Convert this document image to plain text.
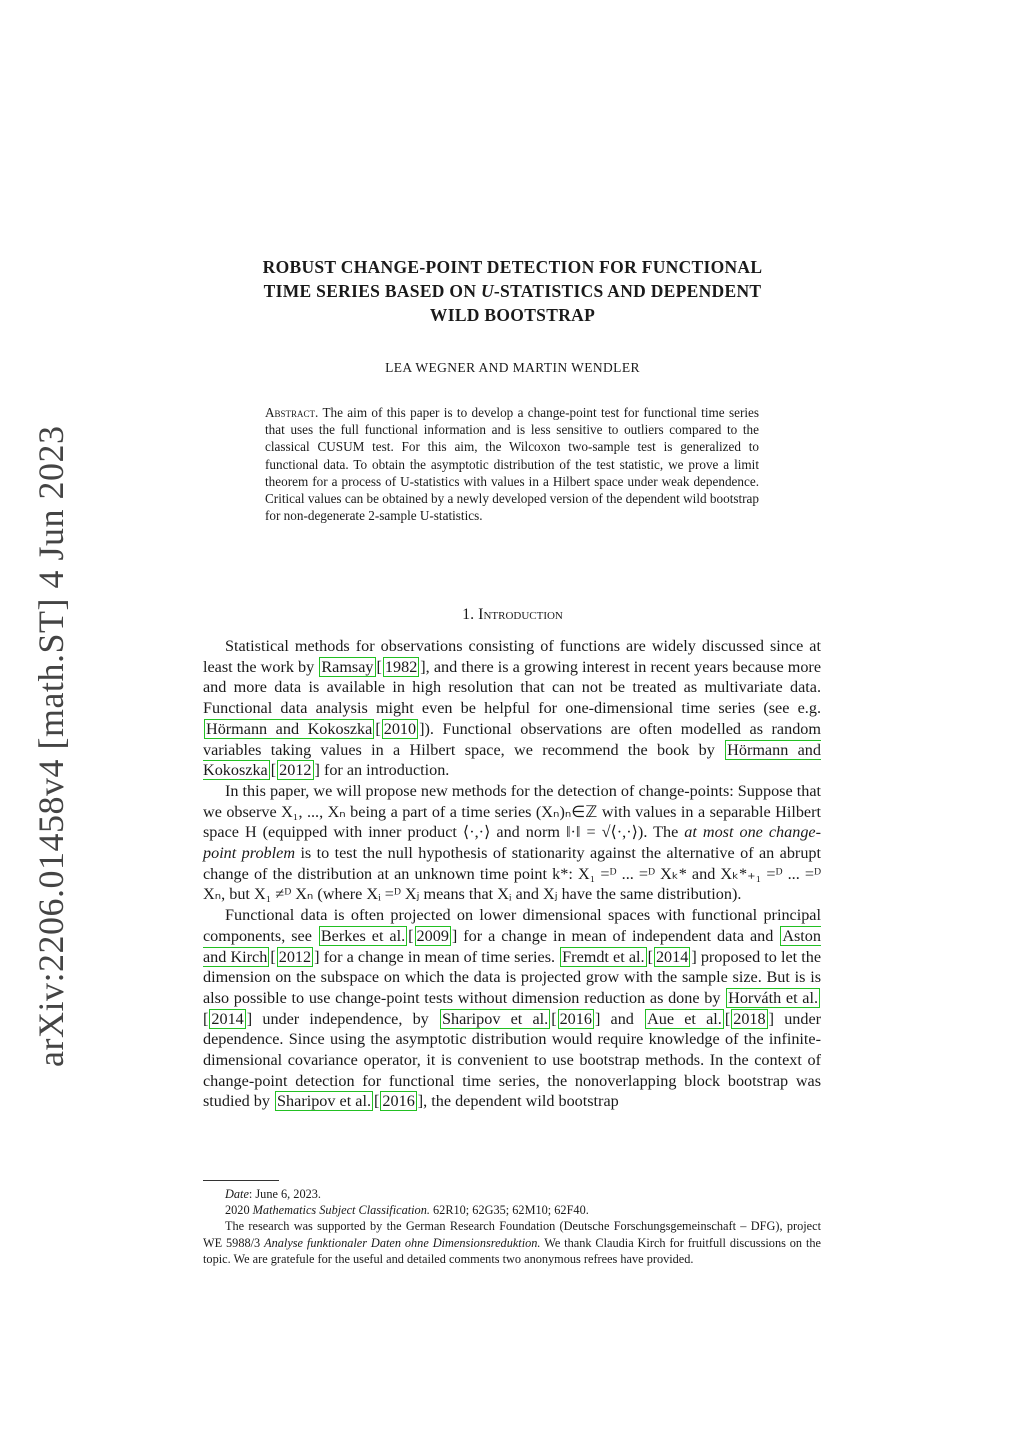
arXiv:2206.01458v4 [math.ST] 4 Jun 2023
ROBUST CHANGE-POINT DETECTION FOR FUNCTIONAL
TIME SERIES BASED ON U-STATISTICS AND DEPENDENT
WILD BOOTSTRAP
LEA WEGNER AND MARTIN WENDLER
Abstract. The aim of this paper is to develop a change-point test for functional time series that uses the full functional information and is less sensitive to outliers compared to the classical CUSUM test. For this aim, the Wilcoxon two-sample test is generalized to functional data. To obtain the asymptotic distribution of the test statistic, we prove a limit theorem for a process of U-statistics with values in a Hilbert space under weak dependence. Critical values can be obtained by a newly developed version of the dependent wild bootstrap for non-degenerate 2-sample U-statistics.
1. Introduction

Statistical methods for observations consisting of functions are widely discussed since at least the work by Ramsay [ 1982 ], and there is a growing interest in recent years because more and more data is available in high resolution that can not be treated as multivariate data. Functional data analysis might even be helpful for one-dimensional time series (see e.g. Hörmann and Kokoszka [ 2010 ]). Functional observations are often modelled as random variables taking values in a Hilbert space, we recommend the book by Hörmann and Kokoszka [ 2012 ] for an introduction.

In this paper, we will propose new methods for the detection of change-points: Suppose that we observe X₁, ..., Xₙ being a part of a time series (Xₙ)ₙ∈ℤ with values in a separable Hilbert space H (equipped with inner product ⟨·,·⟩ and norm ‖·‖ = √⟨·,·⟩). The at most one change-point problem is to test the null hypothesis of stationarity against the alternative of an abrupt change of the distribution at an unknown time point k*: X₁ =ᴰ ... =ᴰ Xₖ* and Xₖ*₊₁ =ᴰ ... =ᴰ Xₙ, but X₁ ≠ᴰ Xₙ (where Xᵢ =ᴰ Xⱼ means that Xᵢ and Xⱼ have the same distribution).

Functional data is often projected on lower dimensional spaces with functional principal components, see Berkes et al. [ 2009 ] for a change in mean of independent data and Aston and Kirch [ 2012 ] for a change in mean of time series. Fremdt et al. [ 2014 ] proposed to let the dimension on the subspace on which the data is projected grow with the sample size. But is is also possible to use change-point tests without dimension reduction as done by Horváth et al.[ 2014 ] under independence, by Sharipov et al. [ 2016 ] and Aue et al. [ 2018 ] under dependence. Since using the asymptotic distribution would require knowledge of the infinite-dimensional covariance operator, it is convenient to use bootstrap methods. In the context of change-point detection for functional time series, the nonoverlapping block bootstrap was studied by Sharipov et al. [ 2016 ], the dependent wild bootstrap

Date: June 6, 2023.

2020 Mathematics Subject Classification. 62R10; 62G35; 62M10; 62F40.

The research was supported by the German Research Foundation (Deutsche Forschungsgemeinschaft – DFG), project WE 5988/3 Analyse funktionaler Daten ohne Dimensionsreduktion. We thank Claudia Kirch for fruitfull discussions on the topic. We are gratefule for the useful and detailed comments two anonymous refrees have provided.
